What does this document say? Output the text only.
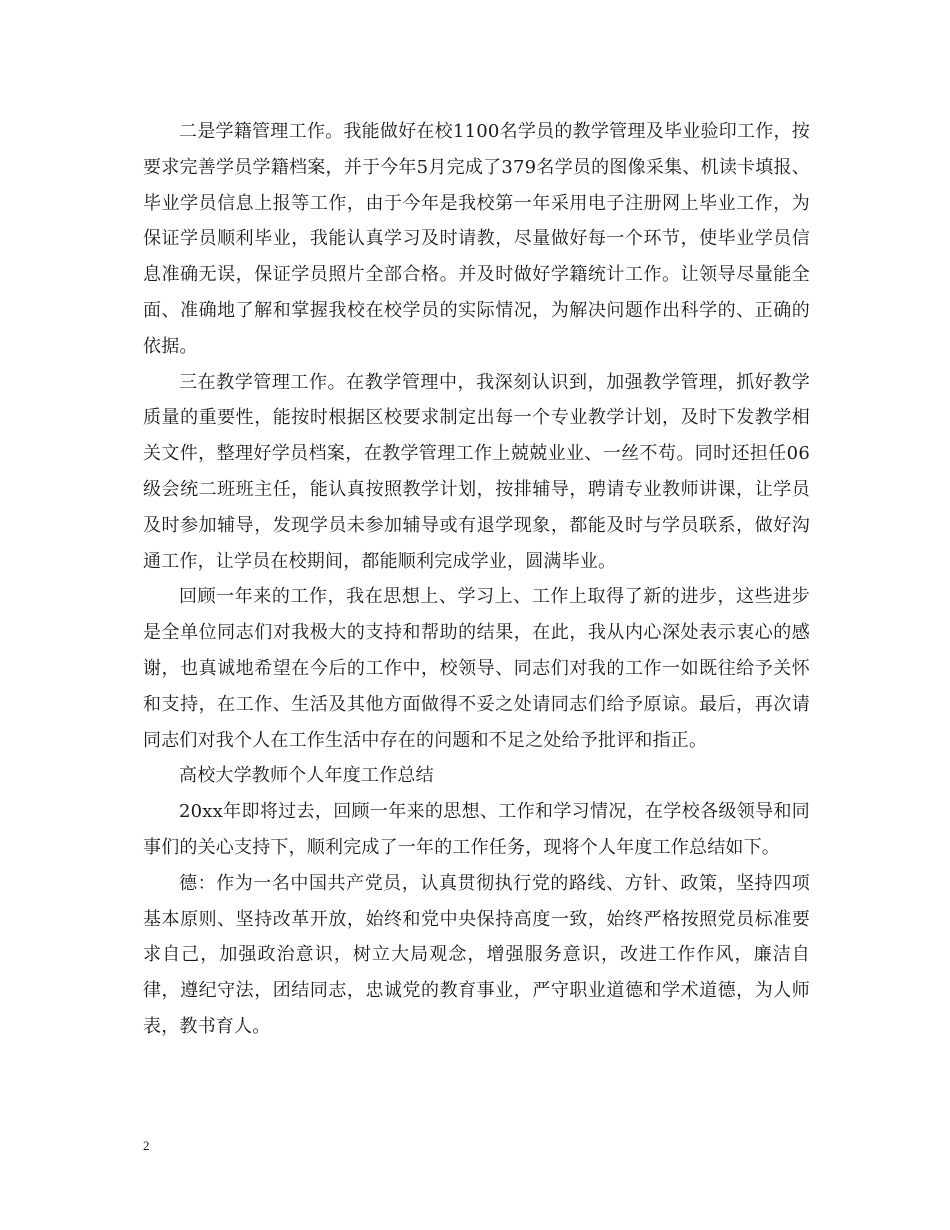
二是学籍管理工作。我能做好在校1100名学员的教学管理及毕业验印工作，按要求完善学员学籍档案，并于今年5月完成了379名学员的图像采集、机读卡填报、毕业学员信息上报等工作，由于今年是我校第一年采用电子注册网上毕业工作，为保证学员顺利毕业，我能认真学习及时请教，尽量做好每一个环节，使毕业学员信息准确无误，保证学员照片全部合格。并及时做好学籍统计工作。让领导尽量能全面、准确地了解和掌握我校在校学员的实际情况，为解决问题作出科学的、正确的依据。

三在教学管理工作。在教学管理中，我深刻认识到，加强教学管理，抓好教学质量的重要性，能按时根据区校要求制定出每一个专业教学计划，及时下发教学相关文件，整理好学员档案，在教学管理工作上兢兢业业、一丝不苟。同时还担任06级会统二班班主任，能认真按照教学计划，按排辅导，聘请专业教师讲课，让学员及时参加辅导，发现学员未参加辅导或有退学现象，都能及时与学员联系，做好沟通工作，让学员在校期间，都能顺利完成学业，圆满毕业。

回顾一年来的工作，我在思想上、学习上、工作上取得了新的进步，这些进步是全单位同志们对我极大的支持和帮助的结果，在此，我从内心深处表示衷心的感谢，也真诚地希望在今后的工作中，校领导、同志们对我的工作一如既往给予关怀和支持，在工作、生活及其他方面做得不妥之处请同志们给予原谅。最后，再次请同志们对我个人在工作生活中存在的问题和不足之处给予批评和指正。

高校大学教师个人年度工作总结

20xx年即将过去，回顾一年来的思想、工作和学习情况，在学校各级领导和同事们的关心支持下，顺利完成了一年的工作任务，现将个人年度工作总结如下。

德：作为一名中国共产党员，认真贯彻执行党的路线、方针、政策，坚持四项基本原则、坚持改革开放，始终和党中央保持高度一致，始终严格按照党员标准要求自己，加强政治意识，树立大局观念，增强服务意识，改进工作作风，廉洁自律，遵纪守法，团结同志，忠诚党的教育事业，严守职业道德和学术道德，为人师表，教书育人。

2
